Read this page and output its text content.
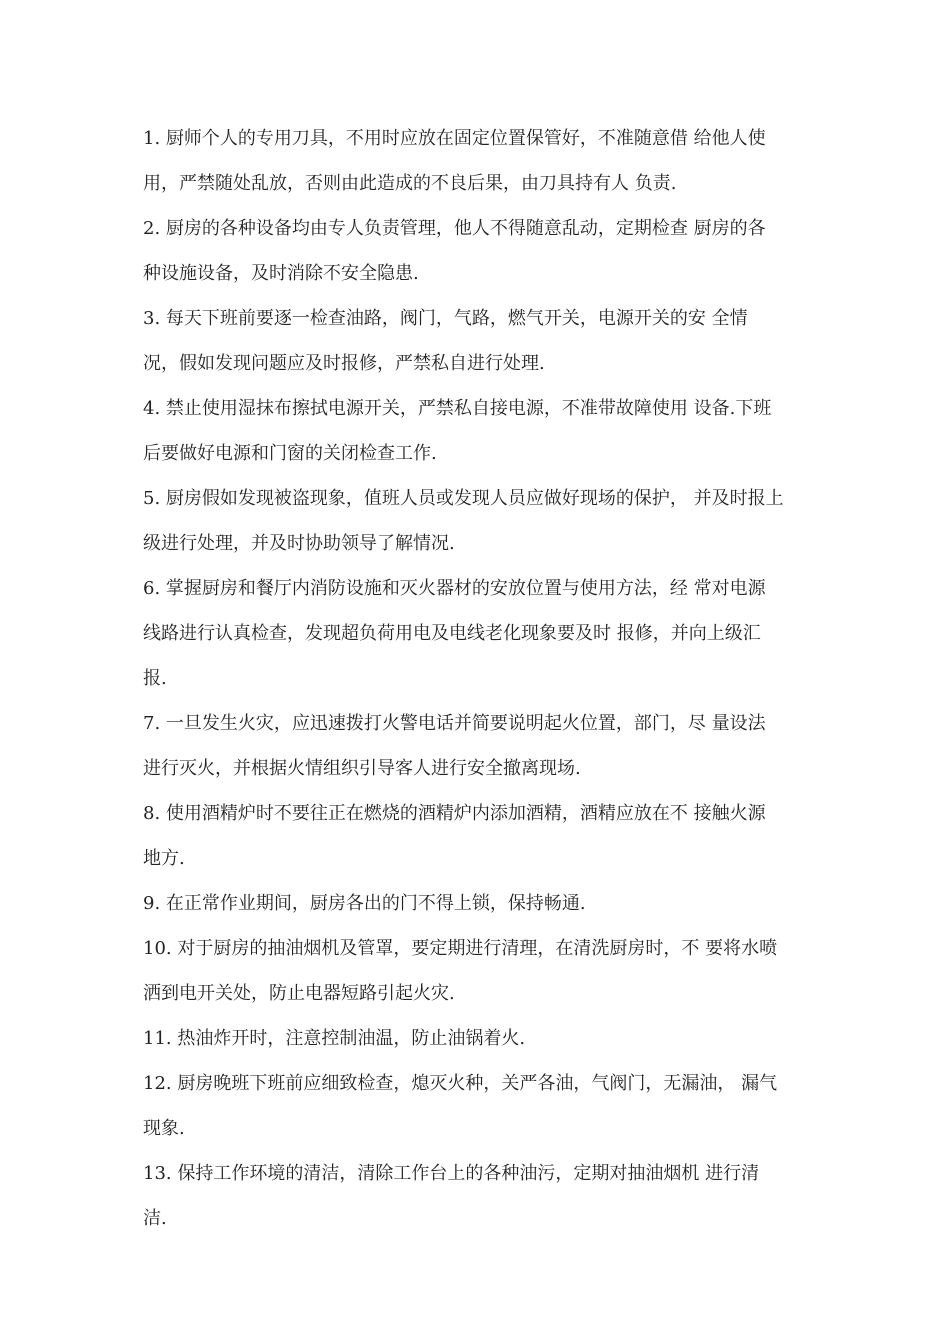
1. 厨师个人的专用刀具，不用时应放在固定位置保管好，不准随意借 给他人使
用，严禁随处乱放，否则由此造成的不良后果，由刀具持有人 负责.

2. 厨房的各种设备均由专人负责管理，他人不得随意乱动，定期检查 厨房的各
种设施设备，及时消除不安全隐患.

3. 每天下班前要逐一检查油路，阀门，气路，燃气开关，电源开关的安 全情
况，假如发现问题应及时报修，严禁私自进行处理.

4. 禁止使用湿抹布擦拭电源开关，严禁私自接电源，不准带故障使用 设备.下班
后要做好电源和门窗的关闭检查工作.

5. 厨房假如发现被盗现象，值班人员或发现人员应做好现场的保护， 并及时报上
级进行处理，并及时协助领导了解情况.

6. 掌握厨房和餐厅内消防设施和灭火器材的安放位置与使用方法，经 常对电源
线路进行认真检查，发现超负荷用电及电线老化现象要及时 报修，并向上级汇
报.

7. 一旦发生火灾，应迅速拨打火警电话并简要说明起火位置，部门，尽 量设法
进行灭火，并根据火情组织引导客人进行安全撤离现场.

8. 使用酒精炉时不要往正在燃烧的酒精炉内添加酒精，酒精应放在不 接触火源
地方.

9. 在正常作业期间，厨房各出的门不得上锁，保持畅通.

10. 对于厨房的抽油烟机及管罩，要定期进行清理，在清洗厨房时，不 要将水喷
洒到电开关处，防止电器短路引起火灾.

11. 热油炸开时，注意控制油温，防止油锅着火.

12. 厨房晚班下班前应细致检查，熄灭火种，关严各油，气阀门，无漏油， 漏气
现象.

13. 保持工作环境的清洁，清除工作台上的各种油污，定期对抽油烟机 进行清
洁.
